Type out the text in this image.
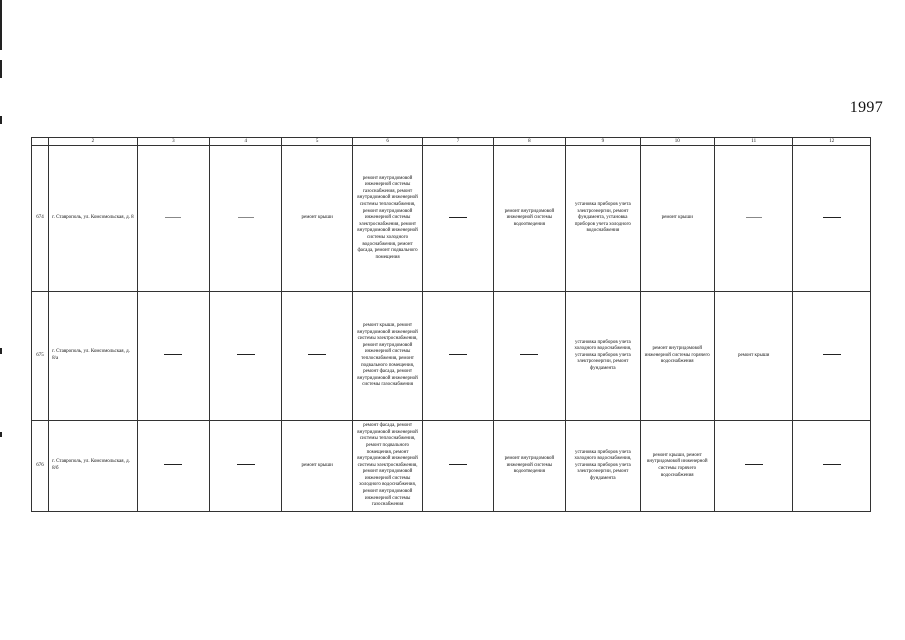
1997
	2	3	4	5	6	7	8	9	10	11	12
674	г. Ставрополь, ул. Комсомольская, д. 8			ремонт крыши	ремонт внутридомовой инженерной системы газоснабжения, ремонт внутридомовой инженерной системы теплоснабжения, ремонт внутридомовой инженерной системы электроснабжения, ремонт внутридомовой инженерной системы холодного водоснабжения, ремонт фасада, ремонт подвального помещения		ремонт внутридомовой инженерной системы водоотведения	установка приборов учета электроэнергии, ремонт фундамента, установка приборов учета холодного водоснабжения	ремонт крыши		
675	г. Ставрополь, ул. Комсомольская, д. 8/а				ремонт крыши, ремонт внутридомовой инженерной системы электроснабжения, ремонт внутридомовой инженерной системы теплоснабжения, ремонт подвального помещения, ремонт фасада, ремонт внутридомовой инженерной системы газоснабжения			установка приборов учета холодного водоснабжения, установка приборов учета электроэнергии, ремонт фундамента	ремонт внутридомовой инженерной системы горячего водоснабжения	ремонт крыши	
676	г. Ставрополь, ул. Комсомольская, д. 8/б			ремонт крыши	ремонт фасада, ремонт внутридомовой инженерной системы теплоснабжения, ремонт подвального помещения, ремонт внутридомовой инженерной системы электроснабжения, ремонт внутридомовой инженерной системы холодного водоснабжения, ремонт внутридомовой инженерной системы газоснабжения		ремонт внутридомовой инженерной системы водоотведения	установка приборов учета холодного водоснабжения, установка приборов учета электроэнергии, ремонт фундамента	ремонт крыши, ремонт внутридомовой инженерной системы горячего водоснабжения		
